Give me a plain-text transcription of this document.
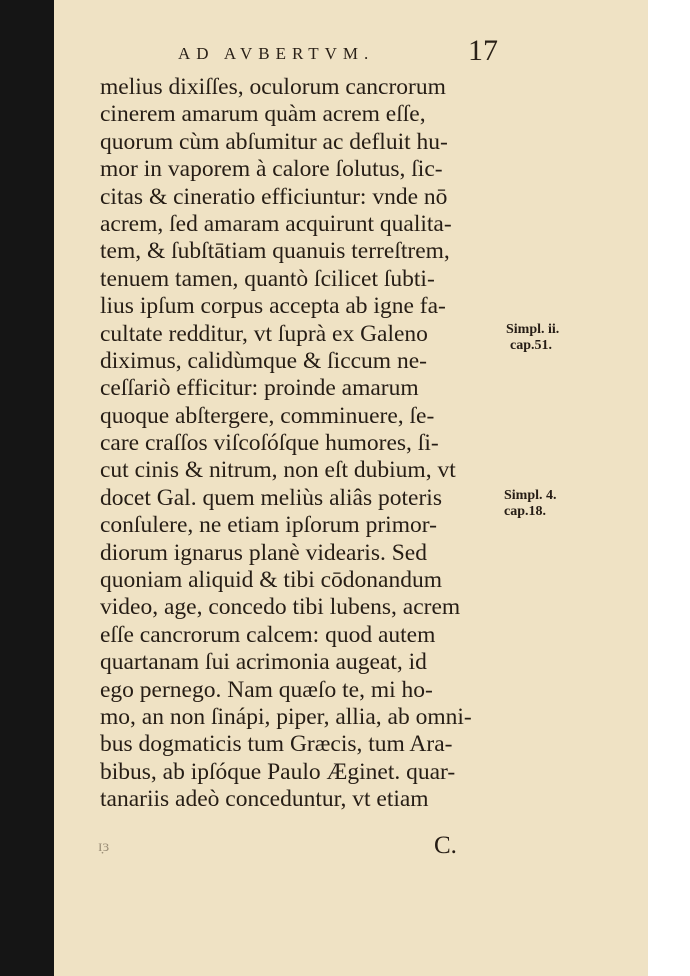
AD AVBERTVM.	17
melius dixiſſes, oculorum cancrorum
cinerem amarum quàm acrem eſſe,
quorum cùm abſumitur ac defluit hu-
mor in vaporem à calore ſolutus, ſic-
citas & cineratio efficiuntur: vnde nō
acrem, ſed amaram acquirunt qualita-
tem, & ſubſtātiam quanuis terreſtrem,
tenuem tamen, quantò ſcilicet ſubti-
lius ipſum corpus accepta ab igne fa-
cultate redditur, vt ſuprà ex Galeno
diximus, calidùmque & ſiccum ne-
ceſſariò efficitur: proinde amarum
quoque abſtergere, comminuere, ſe-
care craſſos viſcoſóſque humores, ſi-
cut cinis & nitrum, non eſt dubium, vt
docet Gal. quem meliùs aliâs poteris
conſulere, ne etiam ipſorum primor-
diorum ignarus planè videaris. Sed
quoniam aliquid & tibi cōdonandum
video, age, concedo tibi lubens, acrem
eſſe cancrorum calcem: quod autem
quartanam ſui acrimonia augeat, id
ego pernego. Nam quæſo te, mi ho-
mo, an non ſinápi, piper, allia, ab omni-
bus dogmaticis tum Græcis, tum Ara-
bibus, ab ipſóque Paulo Æginet. quar-
tanariis adeò conceduntur, vt etiam
Simpl. ii.
cap.51.
Simpl. 4.
cap.18.
ɪ̣ɜ	C.
